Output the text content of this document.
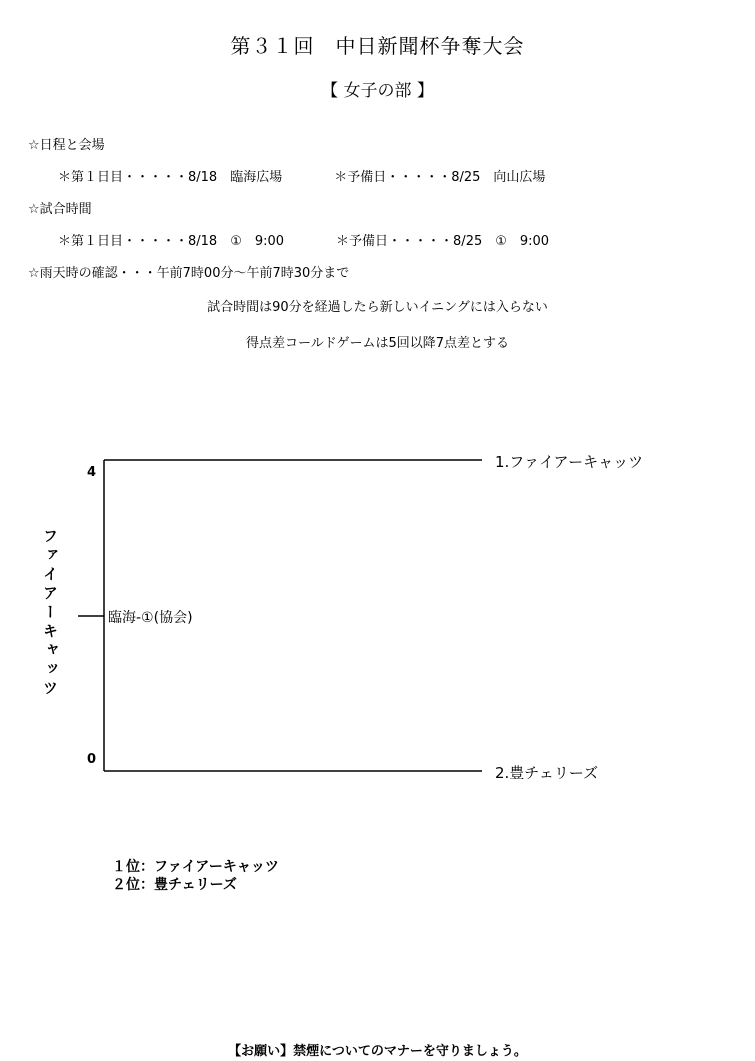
第３１回　中日新聞杯争奪大会
【 女子の部 】
☆日程と会場
＊第１日目・・・・・8/18　臨海広場　　　　＊予備日・・・・・8/25　向山広場
☆試合時間
＊第１日目・・・・・8/18　①　9:00　　　　＊予備日・・・・・8/25　①　9:00
☆雨天時の確認・・・午前7時00分～午前7時30分まで
試合時間は90分を経過したら新しいイニングには入らない
得点差コールドゲームは5回以降7点差とする
1.ファイアーキャッツ
2.豊チェリーズ
4
0
臨海-①(協会)
ファイアーキャッツ
１位：ファイアーキャッツ
２位：豊チェリーズ
【お願い】禁煙についてのマナーを守りましょう。
